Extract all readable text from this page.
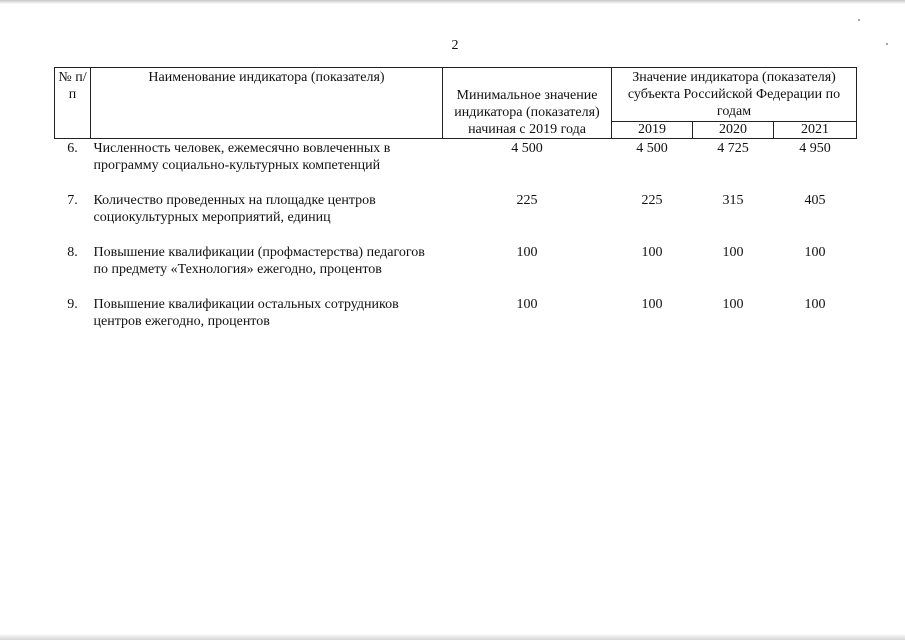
2
№ п/п	Наименование индикатора (показателя)	Минимальное значение индикатора (показателя) начиная с 2019 года	Значение индикатора (показателя) субъекта Российской Федерации по годам		
			2019	2020	2021
6.	Численность человек, ежемесячно вовлеченных в программу социально-культурных компетенций	4 500	4 500	4 725	4 950

7.	Количество проведенных на площадке центров социокультурных мероприятий, единиц	225	225	315	405

8.	Повышение квалификации (профмастерства) педагогов по предмету «Технология» ежегодно, процентов	100	100	100	100

9.	Повышение квалификации остальных сотрудников центров ежегодно, процентов	100	100	100	100
